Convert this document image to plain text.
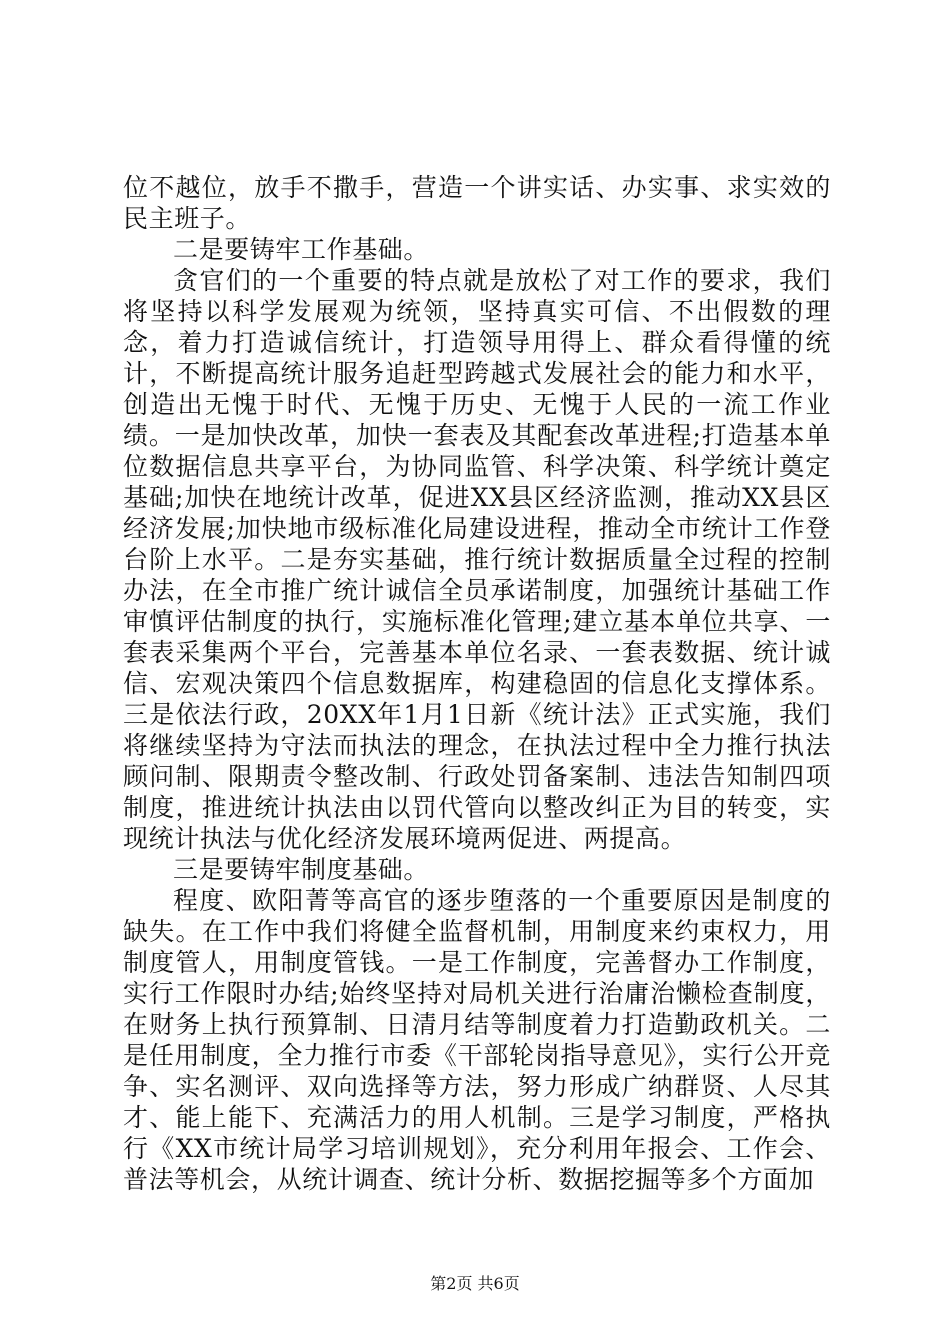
位不越位，放手不撒手，营造一个讲实话、办实事、求实效的民主班子。

二是要铸牢工作基础。

贪官们的一个重要的特点就是放松了对工作的要求，我们将坚持以科学发展观为统领，坚持真实可信、不出假数的理念，着力打造诚信统计，打造领导用得上、群众看得懂的统计，不断提高统计服务追赶型跨越式发展社会的能力和水平，创造出无愧于时代、无愧于历史、无愧于人民的一流工作业绩。一是加快改革，加快一套表及其配套改革进程;打造基本单位数据信息共享平台，为协同监管、科学决策、科学统计奠定基础;加快在地统计改革，促进XX县区经济监测，推动XX县区经济发展;加快地市级标准化局建设进程，推动全市统计工作登台阶上水平。二是夯实基础，推行统计数据质量全过程的控制办法，在全市推广统计诚信全员承诺制度，加强统计基础工作审慎评估制度的执行，实施标准化管理;建立基本单位共享、一套表采集两个平台，完善基本单位名录、一套表数据、统计诚信、宏观决策四个信息数据库，构建稳固的信息化支撑体系。三是依法行政，20XX年1月1日新《统计法》正式实施，我们将继续坚持为守法而执法的理念，在执法过程中全力推行执法顾问制、限期责令整改制、行政处罚备案制、违法告知制四项制度，推进统计执法由以罚代管向以整改纠正为目的转变，实现统计执法与优化经济发展环境两促进、两提高。

三是要铸牢制度基础。

程度、欧阳菁等高官的逐步堕落的一个重要原因是制度的缺失。在工作中我们将健全监督机制，用制度来约束权力，用制度管人，用制度管钱。一是工作制度，完善督办工作制度，实行工作限时办结;始终坚持对局机关进行治庸治懒检查制度，在财务上执行预算制、日清月结等制度着力打造勤政机关。二是任用制度，全力推行市委《干部轮岗指导意见》，实行公开竞争、实名测评、双向选择等方法，努力形成广纳群贤、人尽其才、能上能下、充满活力的用人机制。三是学习制度，严格执行《XX市统计局学习培训规划》，充分利用年报会、工作会、普法等机会，从统计调查、统计分析、数据挖掘等多个方面加

第2页 共6页
